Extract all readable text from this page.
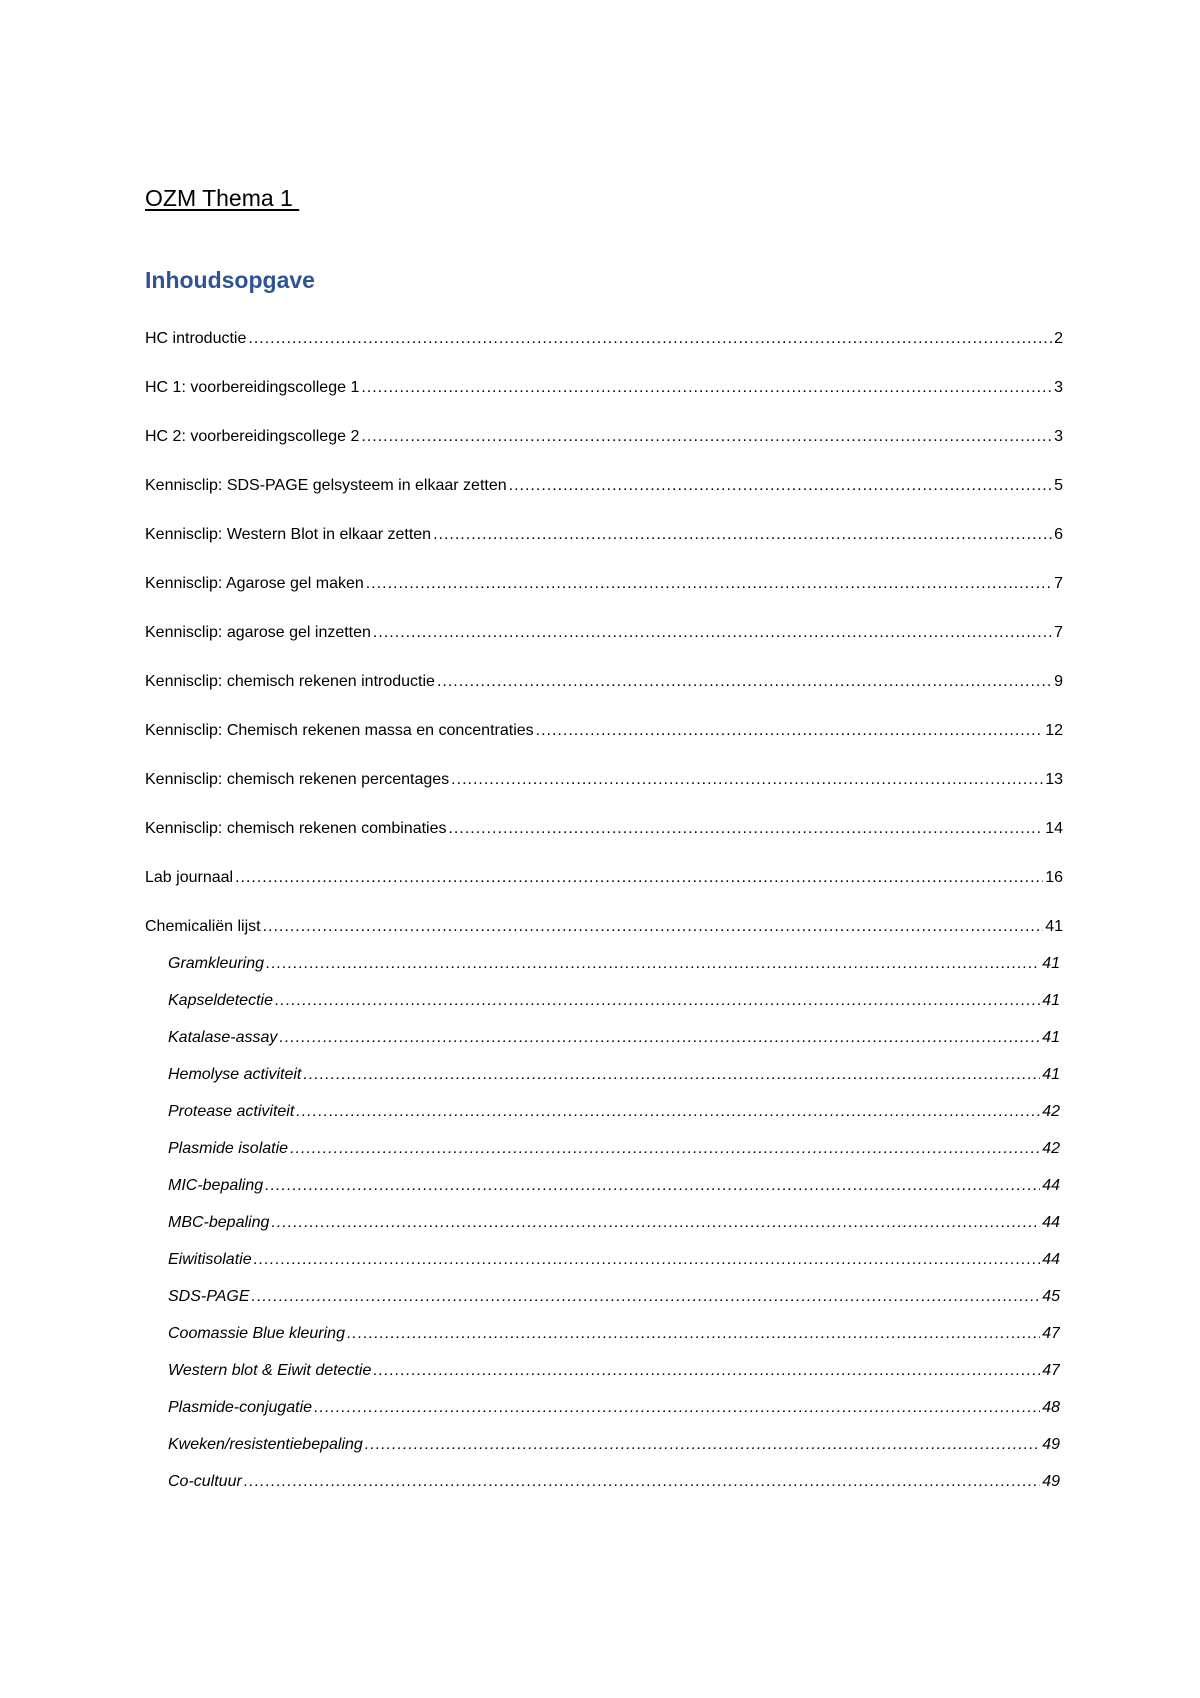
OZM Thema 1
Inhoudsopgave
HC introductie .....	2
HC 1: voorbereidingscollege 1 .....	3
HC 2: voorbereidingscollege 2 .....	3
Kennisclip: SDS-PAGE gelsysteem in elkaar zetten .....	5
Kennisclip: Western Blot in elkaar zetten .....	6
Kennisclip: Agarose gel maken .....	7
Kennisclip: agarose gel inzetten .....	7
Kennisclip: chemisch rekenen introductie .....	9
Kennisclip: Chemisch rekenen massa en concentraties .....	12
Kennisclip: chemisch rekenen percentages .....	13
Kennisclip: chemisch rekenen combinaties .....	14
Lab journaal .....	16
Chemicaliën lijst .....	41
Gramkleuring .....	41
Kapseldetectie .....	41
Katalase-assay .....	41
Hemolyse activiteit .....	41
Protease activiteit .....	42
Plasmide isolatie .....	42
MIC-bepaling .....	44
MBC-bepaling .....	44
Eiwitisolatie .....	44
SDS-PAGE .....	45
Coomassie Blue kleuring .....	47
Western blot & Eiwit detectie .....	47
Plasmide-conjugatie .....	48
Kweken/resistentiebepaling .....	49
Co-cultuur .....	49
